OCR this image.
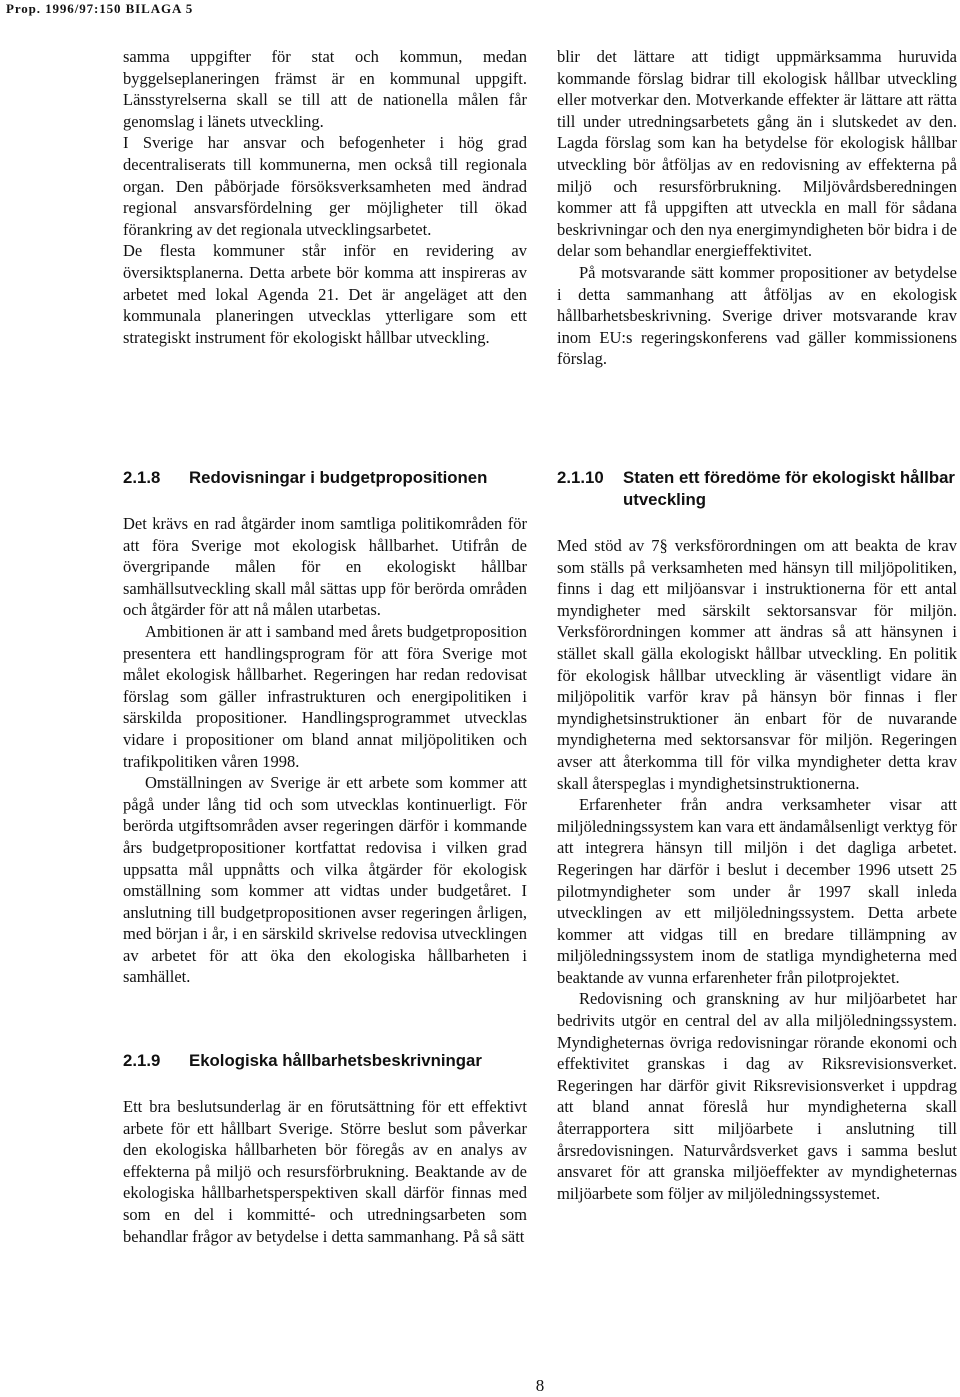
Prop. 1996/97:150 BILAGA 5

samma uppgifter för stat och kommun, medan byggelseplaneringen främst är en kommunal uppgift. Länsstyrelserna skall se till att de nationella målen får genomslag i länets utveckling.

I Sverige har ansvar och befogenheter i hög grad decentraliserats till kommunerna, men också till regionala organ. Den påbörjade försöksverksamheten med ändrad regional ansvarsfördelning ger möjligheter till ökad förankring av det regionala utvecklingsarbetet.

De flesta kommuner står inför en revidering av översiktsplanerna. Detta arbete bör komma att inspireras av arbetet med lokal Agenda 21. Det är angeläget att den kommunala planeringen utvecklas ytterligare som ett strategiskt instrument för ekologiskt hållbar utveckling.

blir det lättare att tidigt uppmärksamma huruvida kommande förslag bidrar till ekologisk hållbar utveckling eller motverkar den. Motverkande effekter är lättare att rätta till under utredningsarbetets gång än i slutskedet av den. Lagda förslag som kan ha betydelse för ekologisk hållbar utveckling bör åtföljas av en redovisning av effekterna på miljö och resursförbrukning. Miljövårdsberedningen kommer att få uppgiften att utveckla en mall för sådana beskrivningar och den nya energimyndigheten bör bidra i de delar som behandlar energieffektivitet.

På motsvarande sätt kommer propositioner av betydelse i detta sammanhang att åtföljas av en ekologisk hållbarhetsbeskrivning. Sverige driver motsvarande krav inom EU:s regeringskonferens vad gäller kommissionens förslag.

2.1.8	Redovisningar i budgetpropositionen

Det krävs en rad åtgärder inom samtliga politikområden för att föra Sverige mot ekologisk hållbarhet. Utifrån de övergripande målen för en ekologiskt hållbar samhällsutveckling skall mål sättas upp för berörda områden och åtgärder för att nå målen utarbetas.

Ambitionen är att i samband med årets budgetproposition presentera ett handlingsprogram för att föra Sverige mot målet ekologisk hållbarhet. Regeringen har redan redovisat förslag som gäller infrastrukturen och energipolitiken i särskilda propositioner. Handlingsprogrammet utvecklas vidare i propositioner om bland annat miljöpolitiken och trafikpolitiken våren 1998.

Omställningen av Sverige är ett arbete som kommer att pågå under lång tid och som utvecklas kontinuerligt. För berörda utgiftsområden avser regeringen därför i kommande års budgetpropositioner kortfattat redovisa i vilken grad uppsatta mål uppnåtts och vilka åtgärder för ekologisk omställning som kommer att vidtas under budgetåret. I anslutning till budgetpropositionen avser regeringen årligen, med början i år, i en särskild skrivelse redovisa utvecklingen av arbetet för att öka den ekologiska hållbarheten i samhället.

2.1.9	Ekologiska hållbarhetsbeskrivningar

Ett bra beslutsunderlag är en förutsättning för ett effektivt arbete för ett hållbart Sverige. Större beslut som påverkar den ekologiska hållbarheten bör föregås av en analys av effekterna på miljö och resursförbrukning. Beaktande av de ekologiska hållbarhetsperspektiven skall därför finnas med som en del i kommitté- och utredningsarbeten som behandlar frågor av betydelse i detta sammanhang. På så sätt

2.1.10	Staten ett föredöme för ekologiskt hållbar utveckling

Med stöd av 7§ verksförordningen om att beakta de krav som ställs på verksamheten med hänsyn till miljöpolitiken, finns i dag ett miljöansvar i instruktionerna för ett antal myndigheter med särskilt sektorsansvar för miljön. Verksförordningen kommer att ändras så att hänsynen i stället skall gälla ekologiskt hållbar utveckling. En politik för ekologisk hållbar utveckling är väsentligt vidare än miljöpolitik varför krav på hänsyn bör finnas i fler myndighetsinstruktioner än enbart för de nuvarande myndigheterna med sektorsansvar för miljön. Regeringen avser att återkomma till för vilka myndigheter detta krav skall återspeglas i myndighetsinstruktionerna.

Erfarenheter från andra verksamheter visar att miljöledningssystem kan vara ett ändamålsenligt verktyg för att integrera hänsyn till miljön i det dagliga arbetet. Regeringen har därför i beslut i december 1996 utsett 25 pilotmyndigheter som under år 1997 skall inleda utvecklingen av ett miljöledningssystem. Detta arbete kommer att vidgas till en bredare tillämpning av miljöledningssystem inom de statliga myndigheterna med beaktande av vunna erfarenheter från pilotprojektet.

Redovisning och granskning av hur miljöarbetet har bedrivits utgör en central del av alla miljöledningssystem. Myndigheternas övriga redovisningar rörande ekonomi och effektivitet granskas i dag av Riksrevisionsverket. Regeringen har därför givit Riksrevisionsverket i uppdrag att bland annat föreslå hur myndigheterna skall återrapportera sitt miljöarbete i anslutning till årsredovisningen. Naturvårdsverket gavs i samma beslut ansvaret för att granska miljöeffekter av myndigheternas miljöarbete som följer av miljöledningssystemet.

8
